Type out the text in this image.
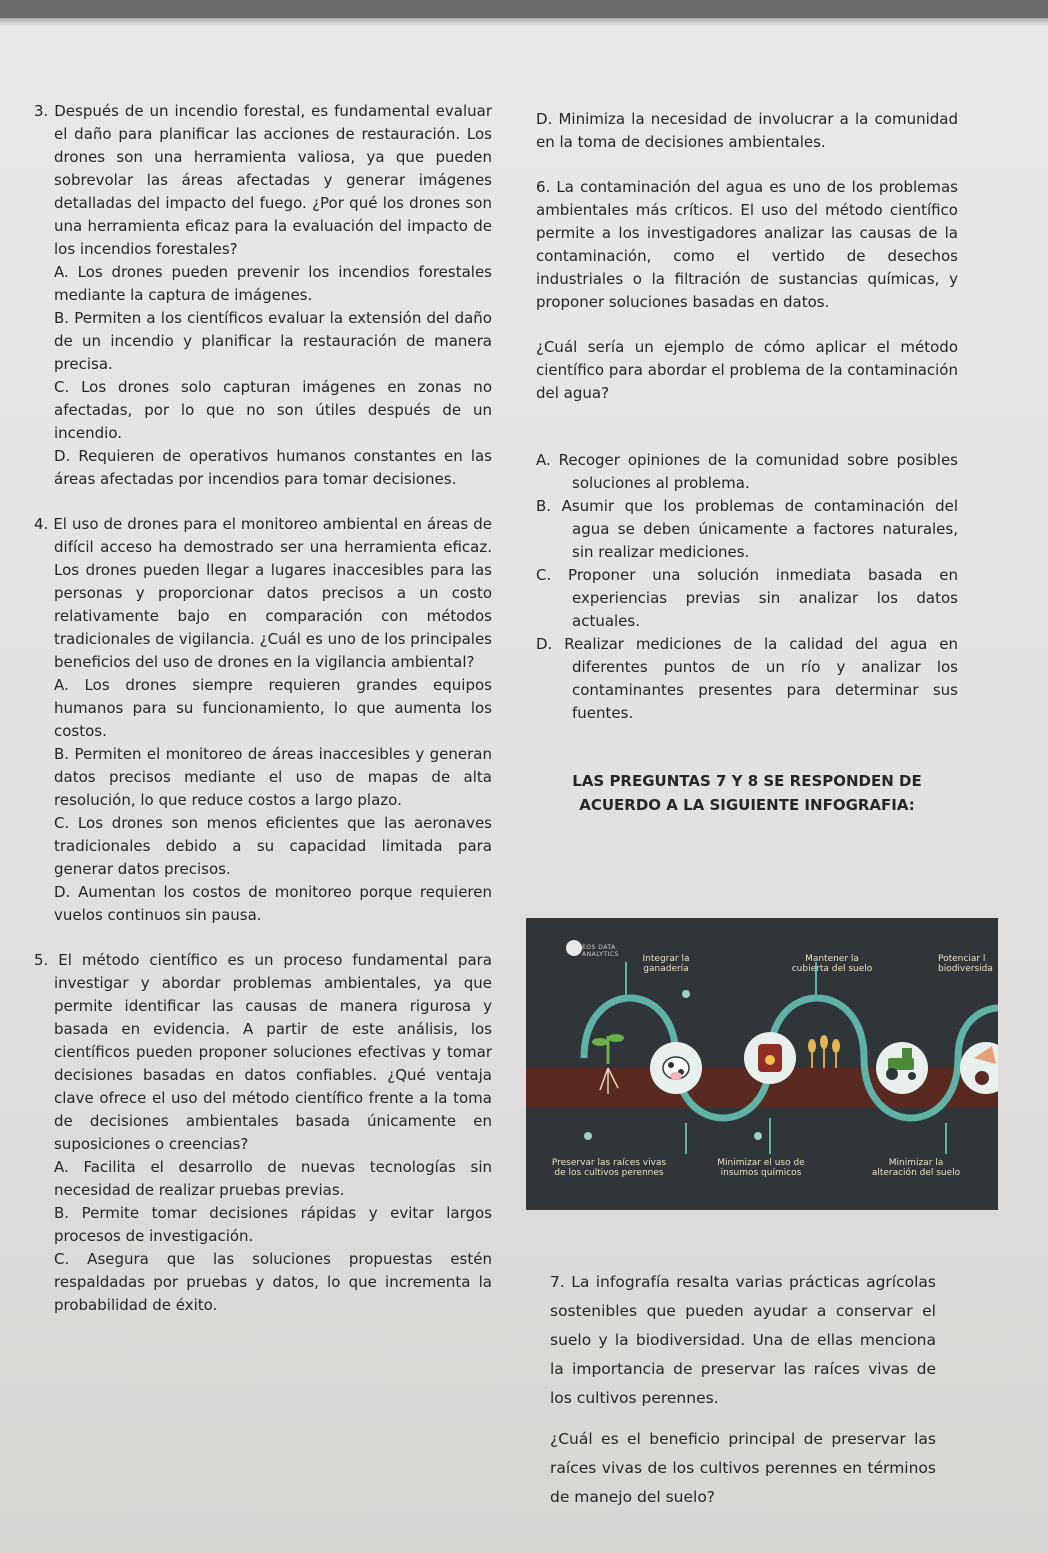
3. Después de un incendio forestal, es fundamental evaluar el daño para planificar las acciones de restauración. Los drones son una herramienta valiosa, ya que pueden sobrevolar las áreas afectadas y generar imágenes detalladas del impacto del fuego. ¿Por qué los drones son una herramienta eficaz para la evaluación del impacto de los incendios forestales?

A. Los drones pueden prevenir los incendios forestales mediante la captura de imágenes.

B. Permiten a los científicos evaluar la extensión del daño de un incendio y planificar la restauración de manera precisa.

C. Los drones solo capturan imágenes en zonas no afectadas, por lo que no son útiles después de un incendio.

D. Requieren de operativos humanos constantes en las áreas afectadas por incendios para tomar decisiones.

4. El uso de drones para el monitoreo ambiental en áreas de difícil acceso ha demostrado ser una herramienta eficaz. Los drones pueden llegar a lugares inaccesibles para las personas y proporcionar datos precisos a un costo relativamente bajo en comparación con métodos tradicionales de vigilancia. ¿Cuál es uno de los principales beneficios del uso de drones en la vigilancia ambiental?

A. Los drones siempre requieren grandes equipos humanos para su funcionamiento, lo que aumenta los costos.

B. Permiten el monitoreo de áreas inaccesibles y generan datos precisos mediante el uso de mapas de alta resolución, lo que reduce costos a largo plazo.

C. Los drones son menos eficientes que las aeronaves tradicionales debido a su capacidad limitada para generar datos precisos.

D. Aumentan los costos de monitoreo porque requieren vuelos continuos sin pausa.

5. El método científico es un proceso fundamental para investigar y abordar problemas ambientales, ya que permite identificar las causas de manera rigurosa y basada en evidencia. A partir de este análisis, los científicos pueden proponer soluciones efectivas y tomar decisiones basadas en datos confiables. ¿Qué ventaja clave ofrece el uso del método científico frente a la toma de decisiones ambientales basada únicamente en suposiciones o creencias?

A. Facilita el desarrollo de nuevas tecnologías sin necesidad de realizar pruebas previas.

B. Permite tomar decisiones rápidas y evitar largos procesos de investigación.

C. Asegura que las soluciones propuestas estén respaldadas por pruebas y datos, lo que incrementa la probabilidad de éxito.

D. Minimiza la necesidad de involucrar a la comunidad en la toma de decisiones ambientales.

6. La contaminación del agua es uno de los problemas ambientales más críticos. El uso del método científico permite a los investigadores analizar las causas de la contaminación, como el vertido de desechos industriales o la filtración de sustancias químicas, y proponer soluciones basadas en datos.

¿Cuál sería un ejemplo de cómo aplicar el método científico para abordar el problema de la contaminación del agua?

A. Recoger opiniones de la comunidad sobre posibles soluciones al problema.

B. Asumir que los problemas de contaminación del agua se deben únicamente a factores naturales, sin realizar mediciones.

C. Proponer una solución inmediata basada en experiencias previas sin analizar los datos actuales.

D. Realizar mediciones de la calidad del agua en diferentes puntos de un río y analizar los contaminantes presentes para determinar sus fuentes.

LAS PREGUNTAS 7 Y 8 SE RESPONDEN DE

ACUERDO A LA SIGUIENTE INFOGRAFIA:

EOS DATA
ANALYTICS	Integrar la
ganadería
Mantener la
cubierta del suelo
Potenciar l
biodiversida
Preservar las raíces vivas
de los cultivos perennes
Minimizar el uso de
insumos químicos
Minimizar la
alteración del suelo

7. La infografía resalta varias prácticas agrícolas sostenibles que pueden ayudar a conservar el suelo y la biodiversidad. Una de ellas menciona la importancia de preservar las raíces vivas de los cultivos perennes.

¿Cuál es el beneficio principal de preservar las raíces vivas de los cultivos perennes en términos de manejo del suelo?
